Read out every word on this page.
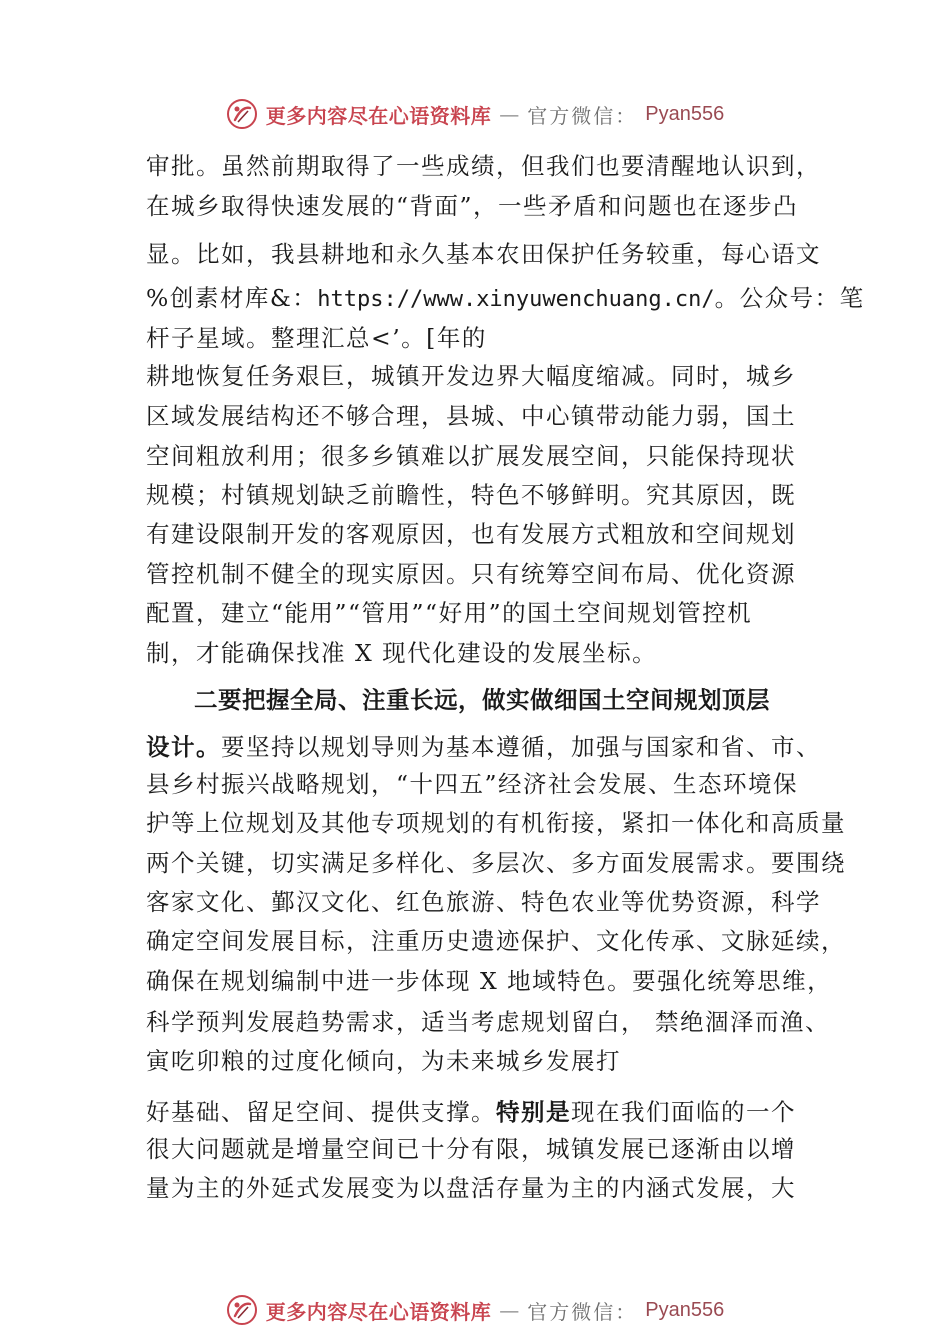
更多内容尽在心语资料库 — 官方微信： Pyan556
审批。虽然前期取得了一些成绩，但我们也要清醒地认识到，
在城乡取得快速发展的“背面”，一些矛盾和问题也在逐步凸
显。比如，我县耕地和永久基本农田保护任务较重，每心语文
%创素材库&：https://www.xinyuwenchuang.cn/。公众号：笔
杆子星域。整理汇总<’。[年的
耕地恢复任务艰巨，城镇开发边界大幅度缩减。同时，城乡
区域发展结构还不够合理，县城、中心镇带动能力弱，国土
空间粗放利用；很多乡镇难以扩展发展空间，只能保持现状
规模；村镇规划缺乏前瞻性，特色不够鲜明。究其原因，既
有建设限制开发的客观原因，也有发展方式粗放和空间规划
管控机制不健全的现实原因。只有统筹空间布局、优化资源
配置，建立“能用”“管用”“好用”的国土空间规划管控机
制，才能确保找准 X 现代化建设的发展坐标。
二要把握全局、注重长远，做实做细国土空间规划顶层
设计。要坚持以规划导则为基本遵循，加强与国家和省、市、
县乡村振兴战略规划，“十四五”经济社会发展、生态环境保
护等上位规划及其他专项规划的有机衔接，紧扣一体化和高质量
两个关键，切实满足多样化、多层次、多方面发展需求。要围绕
客家文化、鄞汉文化、红色旅游、特色农业等优势资源，科学
确定空间发展目标，注重历史遗迹保护、文化传承、文脉延续，
确保在规划编制中进一步体现 X 地域特色。要强化统筹思维，
科学预判发展趋势需求，适当考虑规划留白， 禁绝涸泽而渔、
寅吃卯粮的过度化倾向，为未来城乡发展打
好基础、留足空间、提供支撑。特别是现在我们面临的一个
很大问题就是增量空间已十分有限，城镇发展已逐渐由以增
量为主的外延式发展变为以盘活存量为主的内涵式发展，大
更多内容尽在心语资料库 — 官方微信： Pyan556
